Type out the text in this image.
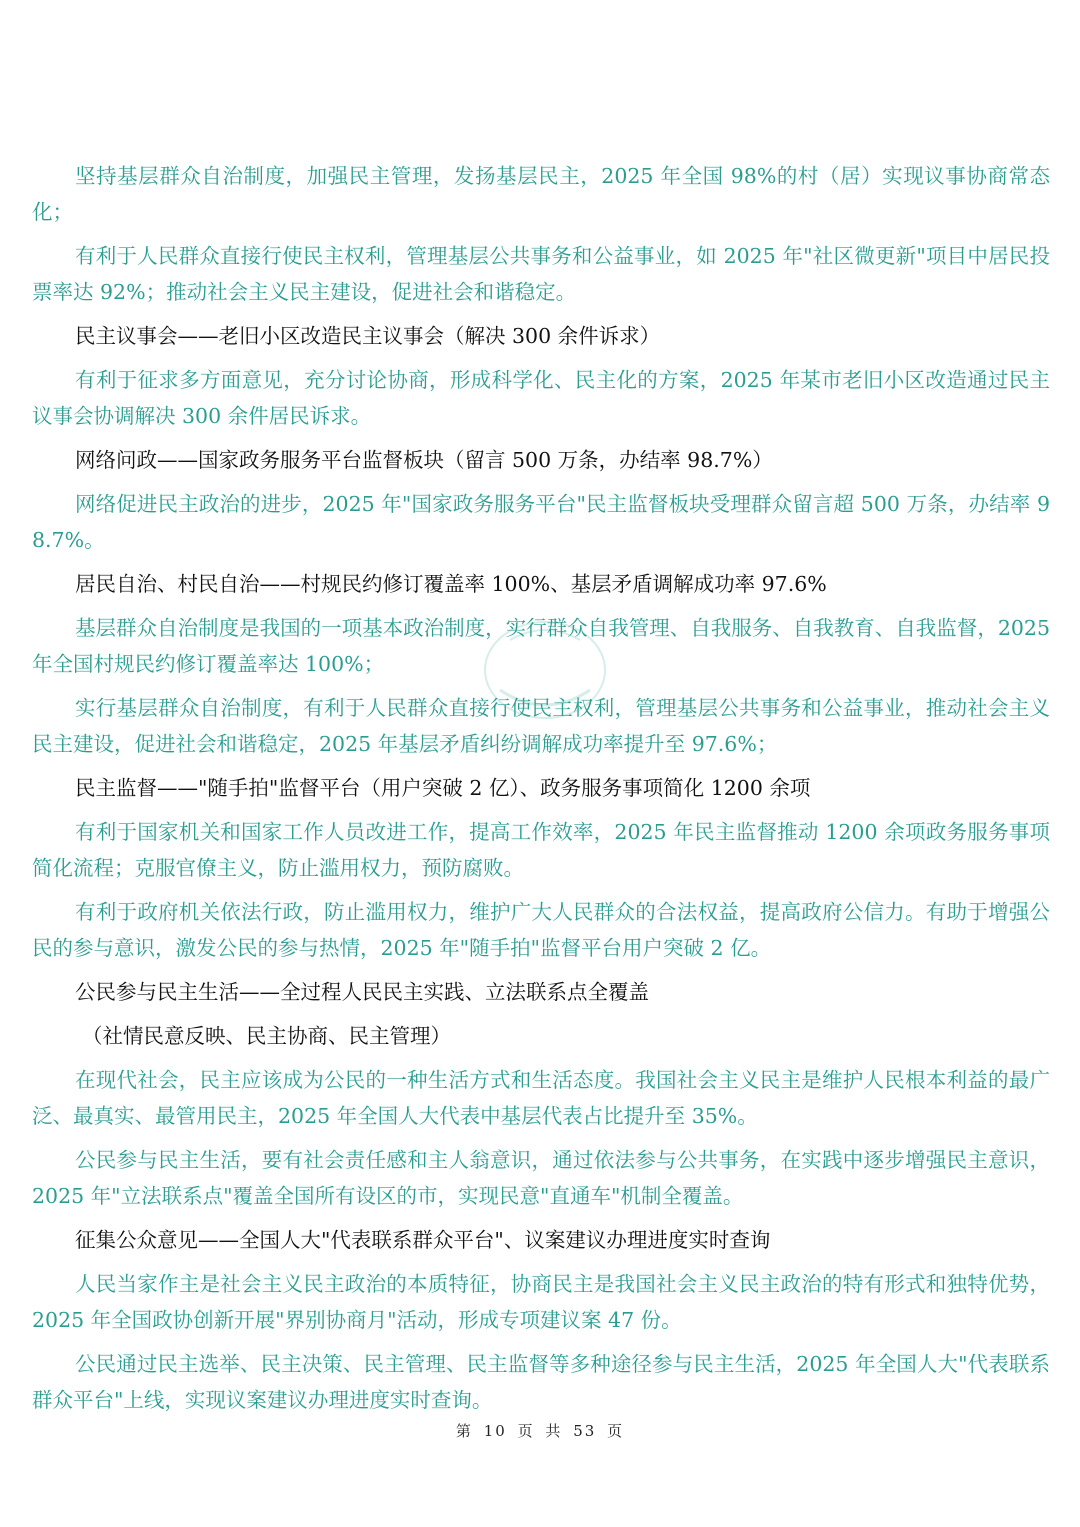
坚持基层群众自治制度，加强民主管理，发扬基层民主，2025 年全国 98%的村（居）实现议事协商常态化；

有利于人民群众直接行使民主权利，管理基层公共事务和公益事业，如 2025 年"社区微更新"项目中居民投票率达 92%；推动社会主义民主建设，促进社会和谐稳定。

民主议事会——老旧小区改造民主议事会（解决 300 余件诉求）

有利于征求多方面意见，充分讨论协商，形成科学化、民主化的方案，2025 年某市老旧小区改造通过民主议事会协调解决 300 余件居民诉求。

网络问政——国家政务服务平台监督板块（留言 500 万条，办结率 98.7%）

网络促进民主政治的进步，2025 年"国家政务服务平台"民主监督板块受理群众留言超 500 万条，办结率 98.7%。

居民自治、村民自治——村规民约修订覆盖率 100%、基层矛盾调解成功率 97.6%

基层群众自治制度是我国的一项基本政治制度，实行群众自我管理、自我服务、自我教育、自我监督，2025 年全国村规民约修订覆盖率达 100%；

实行基层群众自治制度，有利于人民群众直接行使民主权利，管理基层公共事务和公益事业，推动社会主义民主建设，促进社会和谐稳定，2025 年基层矛盾纠纷调解成功率提升至 97.6%；

民主监督——"随手拍"监督平台（用户突破 2 亿）、政务服务事项简化 1200 余项

有利于国家机关和国家工作人员改进工作，提高工作效率，2025 年民主监督推动 1200 余项政务服务事项简化流程；克服官僚主义，防止滥用权力，预防腐败。

有利于政府机关依法行政，防止滥用权力，维护广大人民群众的合法权益，提高政府公信力。有助于增强公民的参与意识，激发公民的参与热情，2025 年"随手拍"监督平台用户突破 2 亿。

公民参与民主生活——全过程人民民主实践、立法联系点全覆盖

（社情民意反映、民主协商、民主管理）

在现代社会，民主应该成为公民的一种生活方式和生活态度。我国社会主义民主是维护人民根本利益的最广泛、最真实、最管用民主，2025 年全国人大代表中基层代表占比提升至 35%。

公民参与民主生活，要有社会责任感和主人翁意识，通过依法参与公共事务，在实践中逐步增强民主意识，2025 年"立法联系点"覆盖全国所有设区的市，实现民意"直通车"机制全覆盖。

征集公众意见——全国人大"代表联系群众平台"、议案建议办理进度实时查询

人民当家作主是社会主义民主政治的本质特征，协商民主是我国社会主义民主政治的特有形式和独特优势，2025 年全国政协创新开展"界别协商月"活动，形成专项建议案 47 份。

公民通过民主选举、民主决策、民主管理、民主监督等多种途径参与民主生活，2025 年全国人大"代表联系群众平台"上线，实现议案建议办理进度实时查询。

第 10 页 共 53 页
